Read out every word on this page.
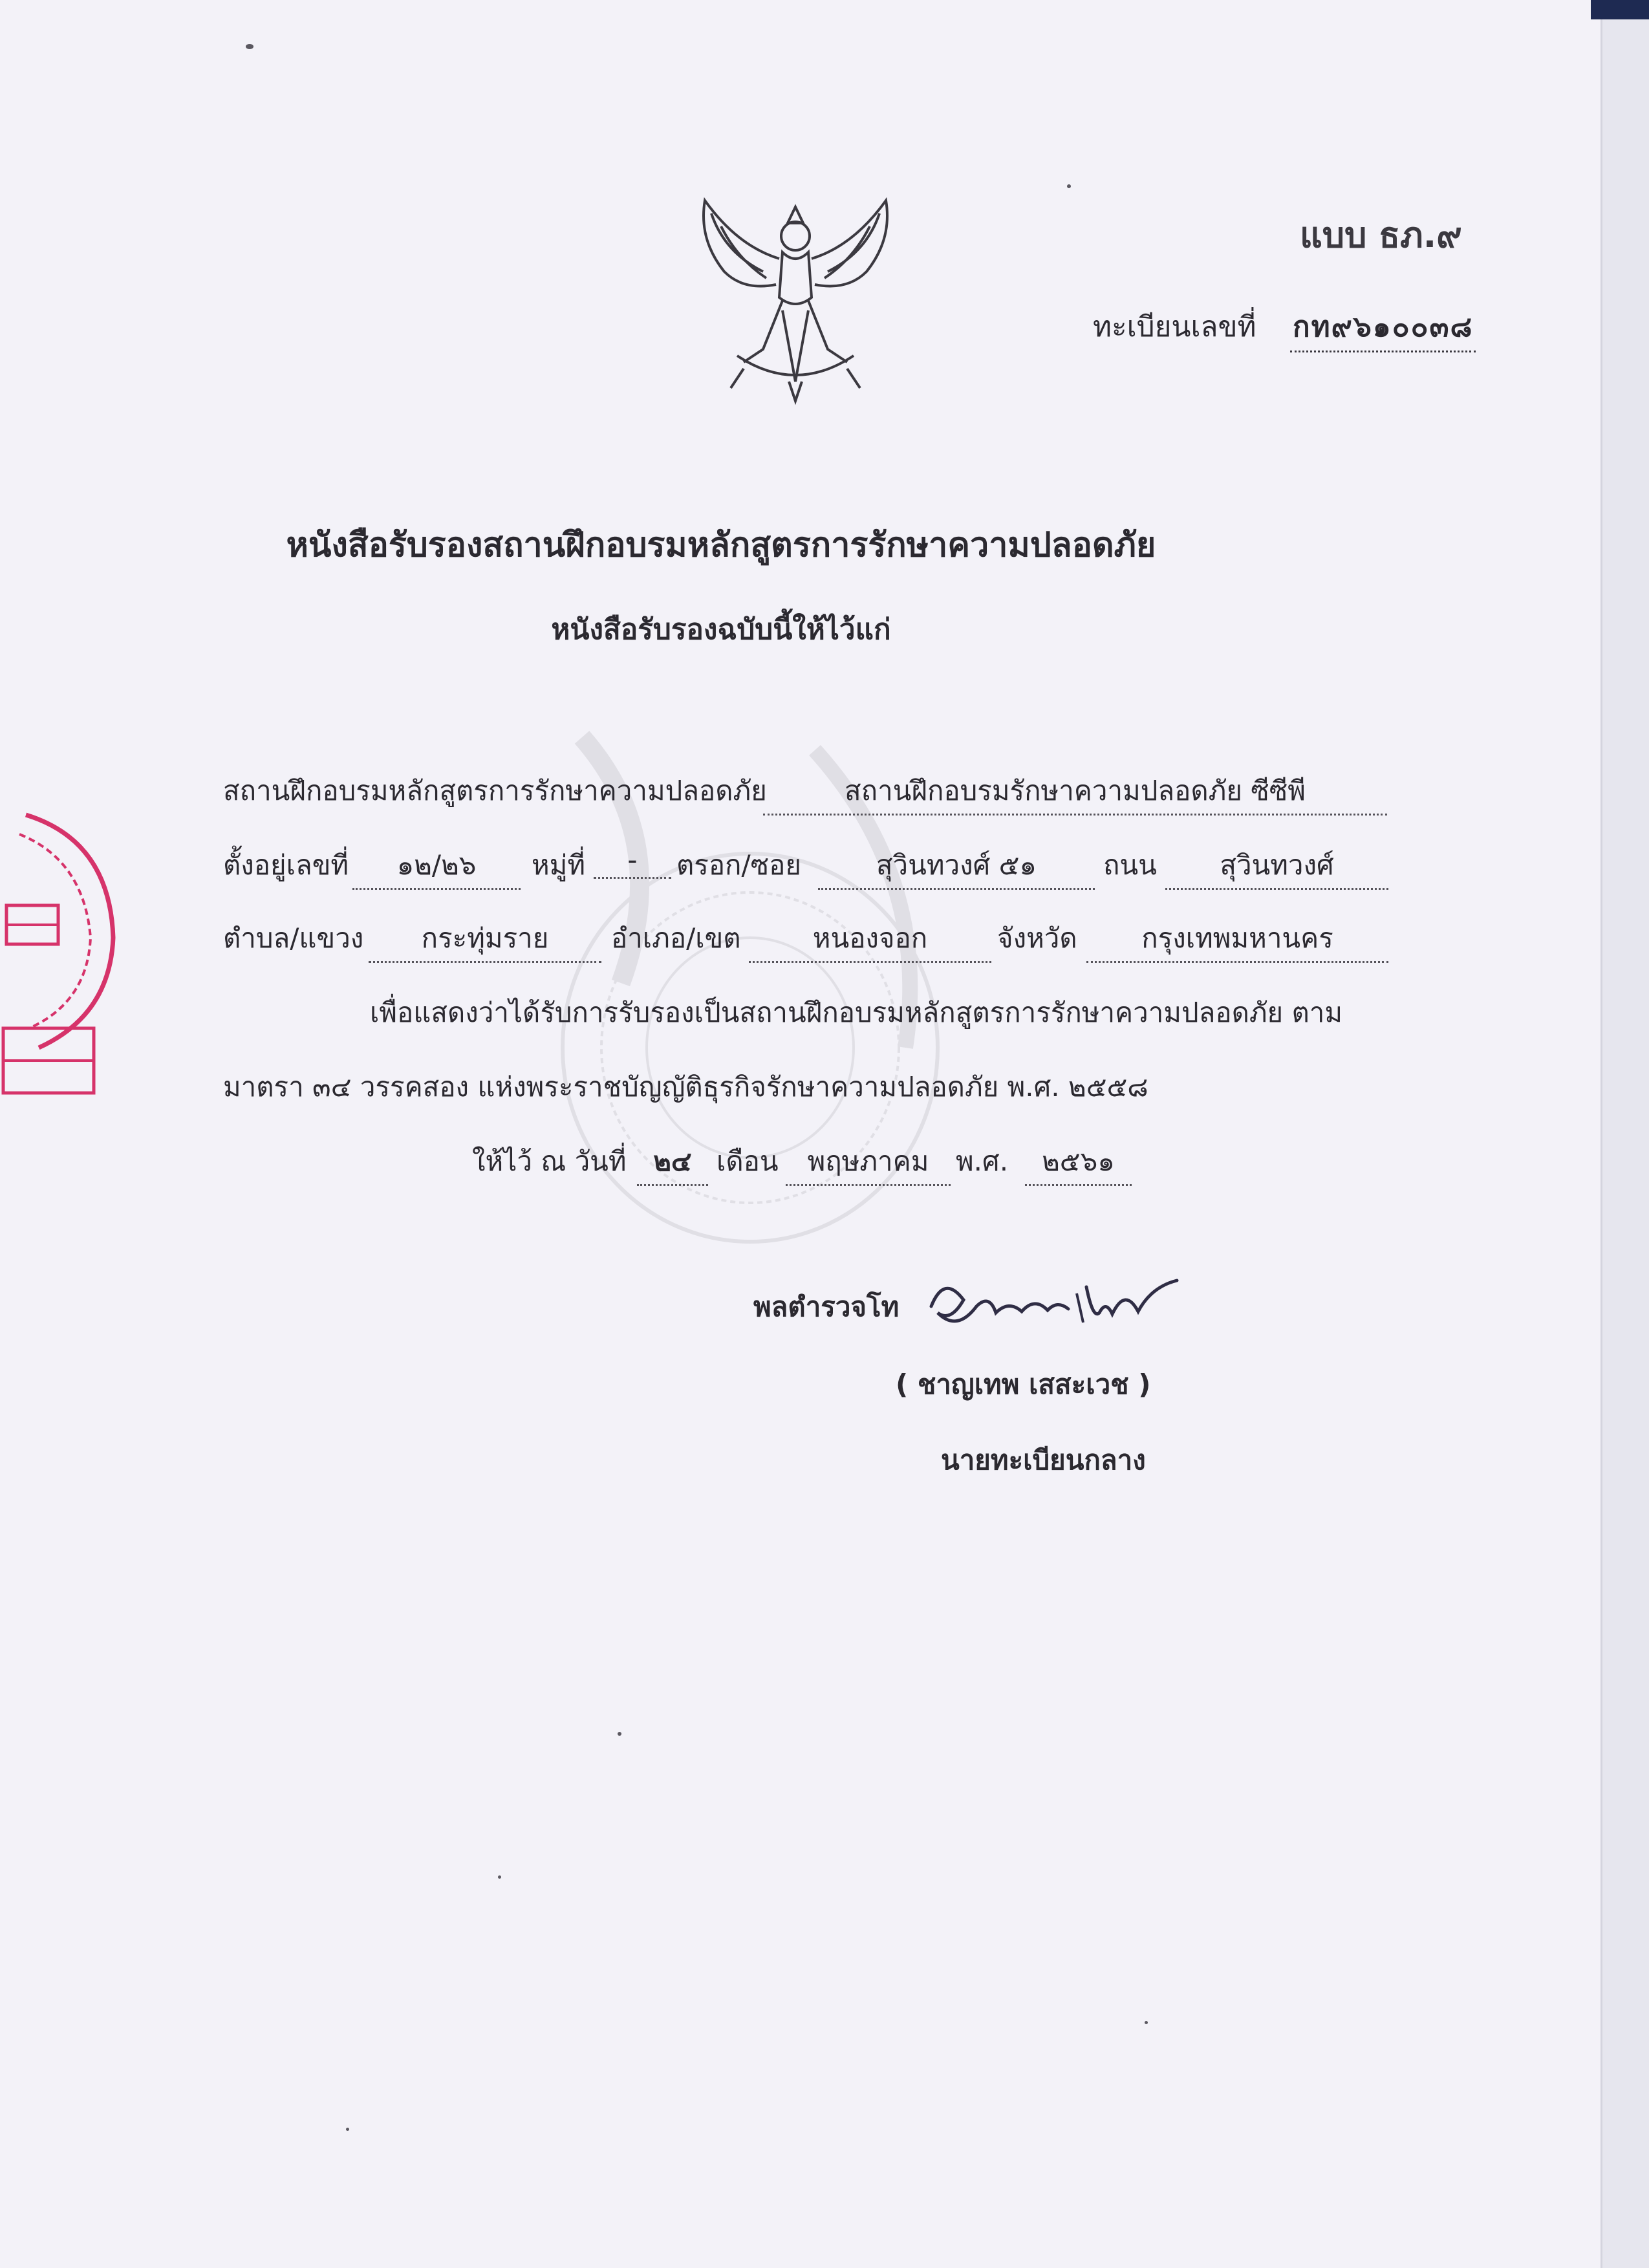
แบบ ธภ.๙
ทะเบียนเลขที่ กท๙๖๑๐๐๓๘
หนังสือรับรองสถานฝึกอบรมหลักสูตรการรักษาความปลอดภัย
หนังสือรับรองฉบับนี้ให้ไว้แก่
สถานฝึกอบรมหลักสูตรการรักษาความปลอดภัย	สถานฝึกอบรมรักษาความปลอดภัย ซีซีพี
ตั้งอยู่เลขที่	๑๒/๒๖	หมู่ที่	-	ตรอก/ซอย	สุวินทวงศ์ ๕๑	ถนน	สุวินทวงศ์
ตำบล/แขวง	กระทุ่มราย	อำเภอ/เขต	หนองจอก	จังหวัด	กรุงเทพมหานคร
เพื่อแสดงว่าได้รับการรับรองเป็นสถานฝึกอบรมหลักสูตรการรักษาความปลอดภัย ตาม
มาตรา ๓๔ วรรคสอง แห่งพระราชบัญญัติธุรกิจรักษาความปลอดภัย พ.ศ. ๒๕๕๘
ให้ไว้ ณ วันที่ ๒๔ เดือน	พฤษภาคม พ.ศ.	๒๕๖๑
พลตำรวจโท
( ชาญเทพ เสสะเวช )
นายทะเบียนกลาง
